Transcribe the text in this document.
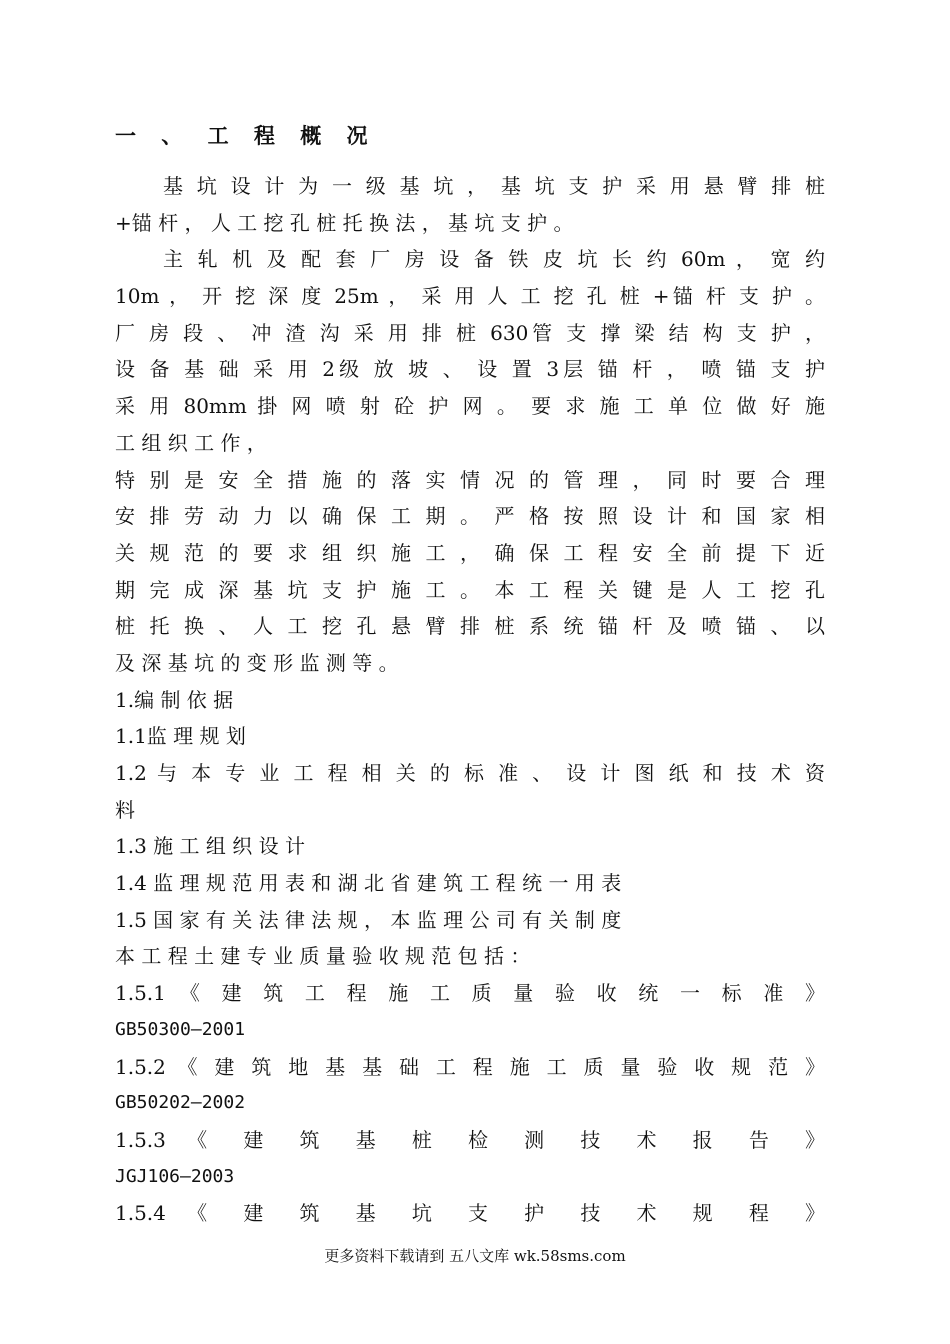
一 、 工 程 概 况
基 坑 设 计 为 一 级 基 坑 ， 基 坑 支 护 采 用 悬 臂 排 桩
+锚 杆 ， 人 工 挖 孔 桩 托 换 法 ， 基 坑 支 护 。
主 轧 机 及 配 套 厂 房 设 备 铁 皮 坑 长 约 60m ， 宽 约
10m ， 开 挖 深 度 25m ， 采 用 人 工 挖 孔 桩 +锚 杆 支 护 。
厂 房 段 、 冲 渣 沟 采 用 排 桩 630管 支 撑 梁 结 构 支 护 ，
设 备 基 础 采 用 2级 放 坡 、 设 置 3层 锚 杆 ， 喷 锚 支 护
采 用 80mm 掛 网 喷 射 砼 护 网 。 要 求 施 工 单 位 做 好 施
工 组 织 工 作 ，
特 别 是 安 全 措 施 的 落 实 情 况 的 管 理 ， 同 时 要 合 理
安 排 劳 动 力 以 确 保 工 期 。 严 格 按 照 设 计 和 国 家 相
关 规 范 的 要 求 组 织 施 工 ， 确 保 工 程 安 全 前 提 下 近
期 完 成 深 基 坑 支 护 施 工 。 本 工 程 关 键 是 人 工 挖 孔
桩 托 换 、 人 工 挖 孔 悬 臂 排 桩 系 统 锚 杆 及 喷 锚 、 以
及 深 基 坑 的 变 形 监 测 等 。
1.编 制 依 据
1.1监 理 规 划
1.2 与 本 专 业 工 程 相 关 的 标 准 、 设 计 图 纸 和 技 术 资
料
1.3 施 工 组 织 设 计
1.4 监 理 规 范 用 表 和 湖 北 省 建 筑 工 程 统 一 用 表
1.5 国 家 有 关 法 律 法 规 ， 本 监 理 公 司 有 关 制 度
本 工 程 土 建 专 业 质 量 验 收 规 范 包 括 ：
1.5.1 《 建 筑 工 程 施 工 质 量 验 收 统 一 标 准 》
GB50300—2001
1.5.2 《 建 筑 地 基 基 础 工 程 施 工 质 量 验 收 规 范 》
GB50202—2002
1.5.3 《 建 筑 基 桩 检 测 技 术 报 告 》
JGJ106—2003
1.5.4 《 建 筑 基 坑 支 护 技 术 规 程 》
更多资料下载请到 五八文库 wk.58sms.com
